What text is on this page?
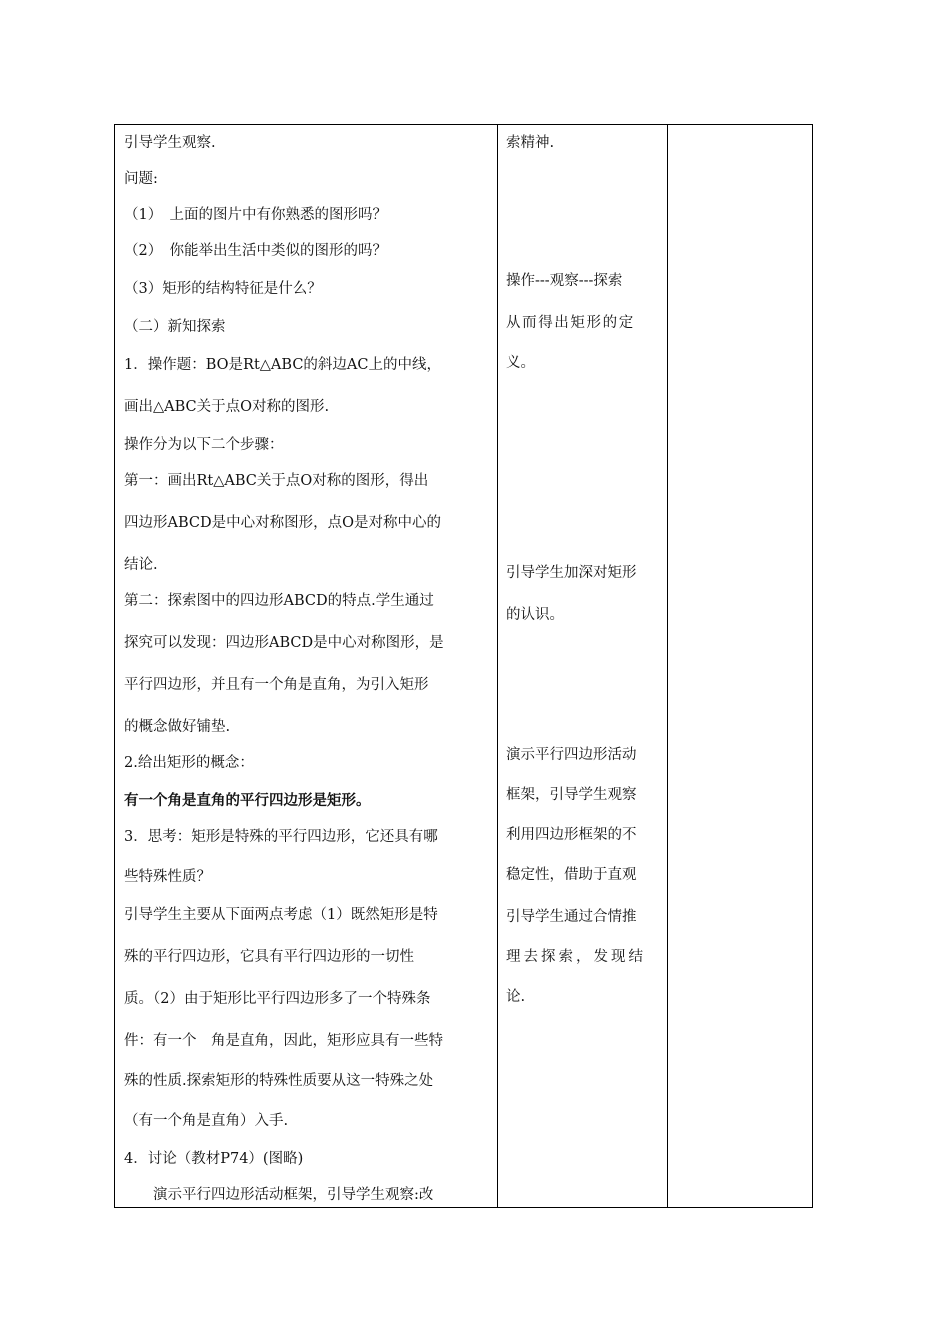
引导学生观察.
问题:
（1）　上面的图片中有你熟悉的图形吗？
（2）　你能举出生活中类似的图形的吗？
（3）矩形的结构特征是什么？
（二）新知探索
1．操作题：BO是Rt△ABC的斜边AC上的中线，
画出△ABC关于点O对称的图形.
操作分为以下二个步骤：
第一：画出Rt△ABC关于点O对称的图形，得出
四边形ABCD是中心对称图形，点O是对称中心的
结论.
第二：探索图中的四边形ABCD的特点.学生通过
探究可以发现：四边形ABCD是中心对称图形，是
平行四边形，并且有一个角是直角，为引入矩形
的概念做好铺垫.
2.给出矩形的概念：
有一个角是直角的平行四边形是矩形。
3．思考：矩形是特殊的平行四边形，它还具有哪
些特殊性质？
引导学生主要从下面两点考虑（1）既然矩形是特
殊的平行四边形，它具有平行四边形的一切性
质。（2）由于矩形比平行四边形多了一个特殊条
件：有一个　角是直角，因此，矩形应具有一些特
殊的性质.探索矩形的特殊性质要从这一特殊之处
（有一个角是直角）入手.
4．讨论（教材P74）(图略)
　　演示平行四边形活动框架，引导学生观察:改
索精神.
操作---观察---探索
从而得出矩形的定
义。
引导学生加深对矩形
的认识。
演示平行四边形活动
框架，引导学生观察
利用四边形框架的不
稳定性，借助于直观
引导学生通过合情推
理去探索，发现结
论.
